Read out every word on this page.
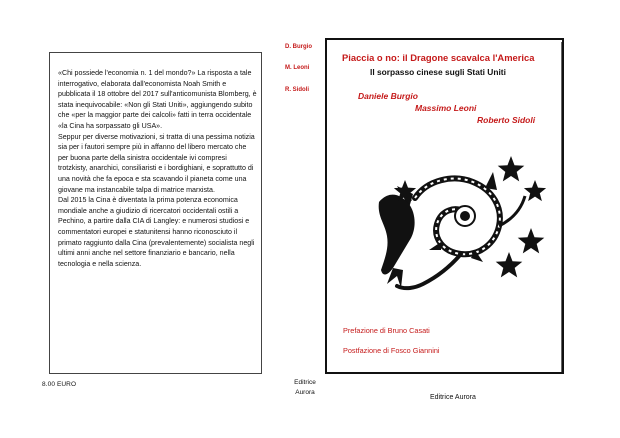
«Chi possiede l'economia n. 1 del mondo?» La risposta a tale interrogativo, elaborata dall'economista Noah Smith e pubblicata il 18 ottobre del 2017 sull'anticomunista Blomberg, è stata inequivocabile: «Non gli Stati Uniti», aggiungendo subito che «per la maggior parte dei calcoli» fatti in terra occidentale «la Cina ha sorpassato gli USA».

Seppur per diverse motivazioni, si tratta di una pessima notizia sia per i fautori sempre più in affanno del libero mercato che per buona parte della sinistra occidentale ivi compresi trotzkisty, anarchici, consiliaristi e i bordighiani, e soprattutto di una novità che fa epoca e sta scavando il pianeta come una giovane ma instancabile talpa di matrice marxista.

Dal 2015 la Cina è diventata la prima potenza economica mondiale anche a giudizio di ricercatori occidentali ostili a Pechino, a partire dalla CIA di Langley: e numerosi studiosi e commentatori europei e statunitensi hanno riconosciuto il primato raggiunto dalla Cina (prevalentemente) socialista negli ultimi anni anche nel settore finanziario e bancario, nella tecnologia e nella scienza.

8.00 EURO
D. Burgio
M. Leoni
R. Sidoli
Editrice
Aurora
Piaccia o no: il Dragone scavalca l'America
Il sorpasso cinese sugli Stati Uniti
Daniele Burgio
Massimo Leoni
Roberto Sidoli
Prefazione di Bruno Casati
Postfazione di Fosco Giannini
Editrice Aurora
